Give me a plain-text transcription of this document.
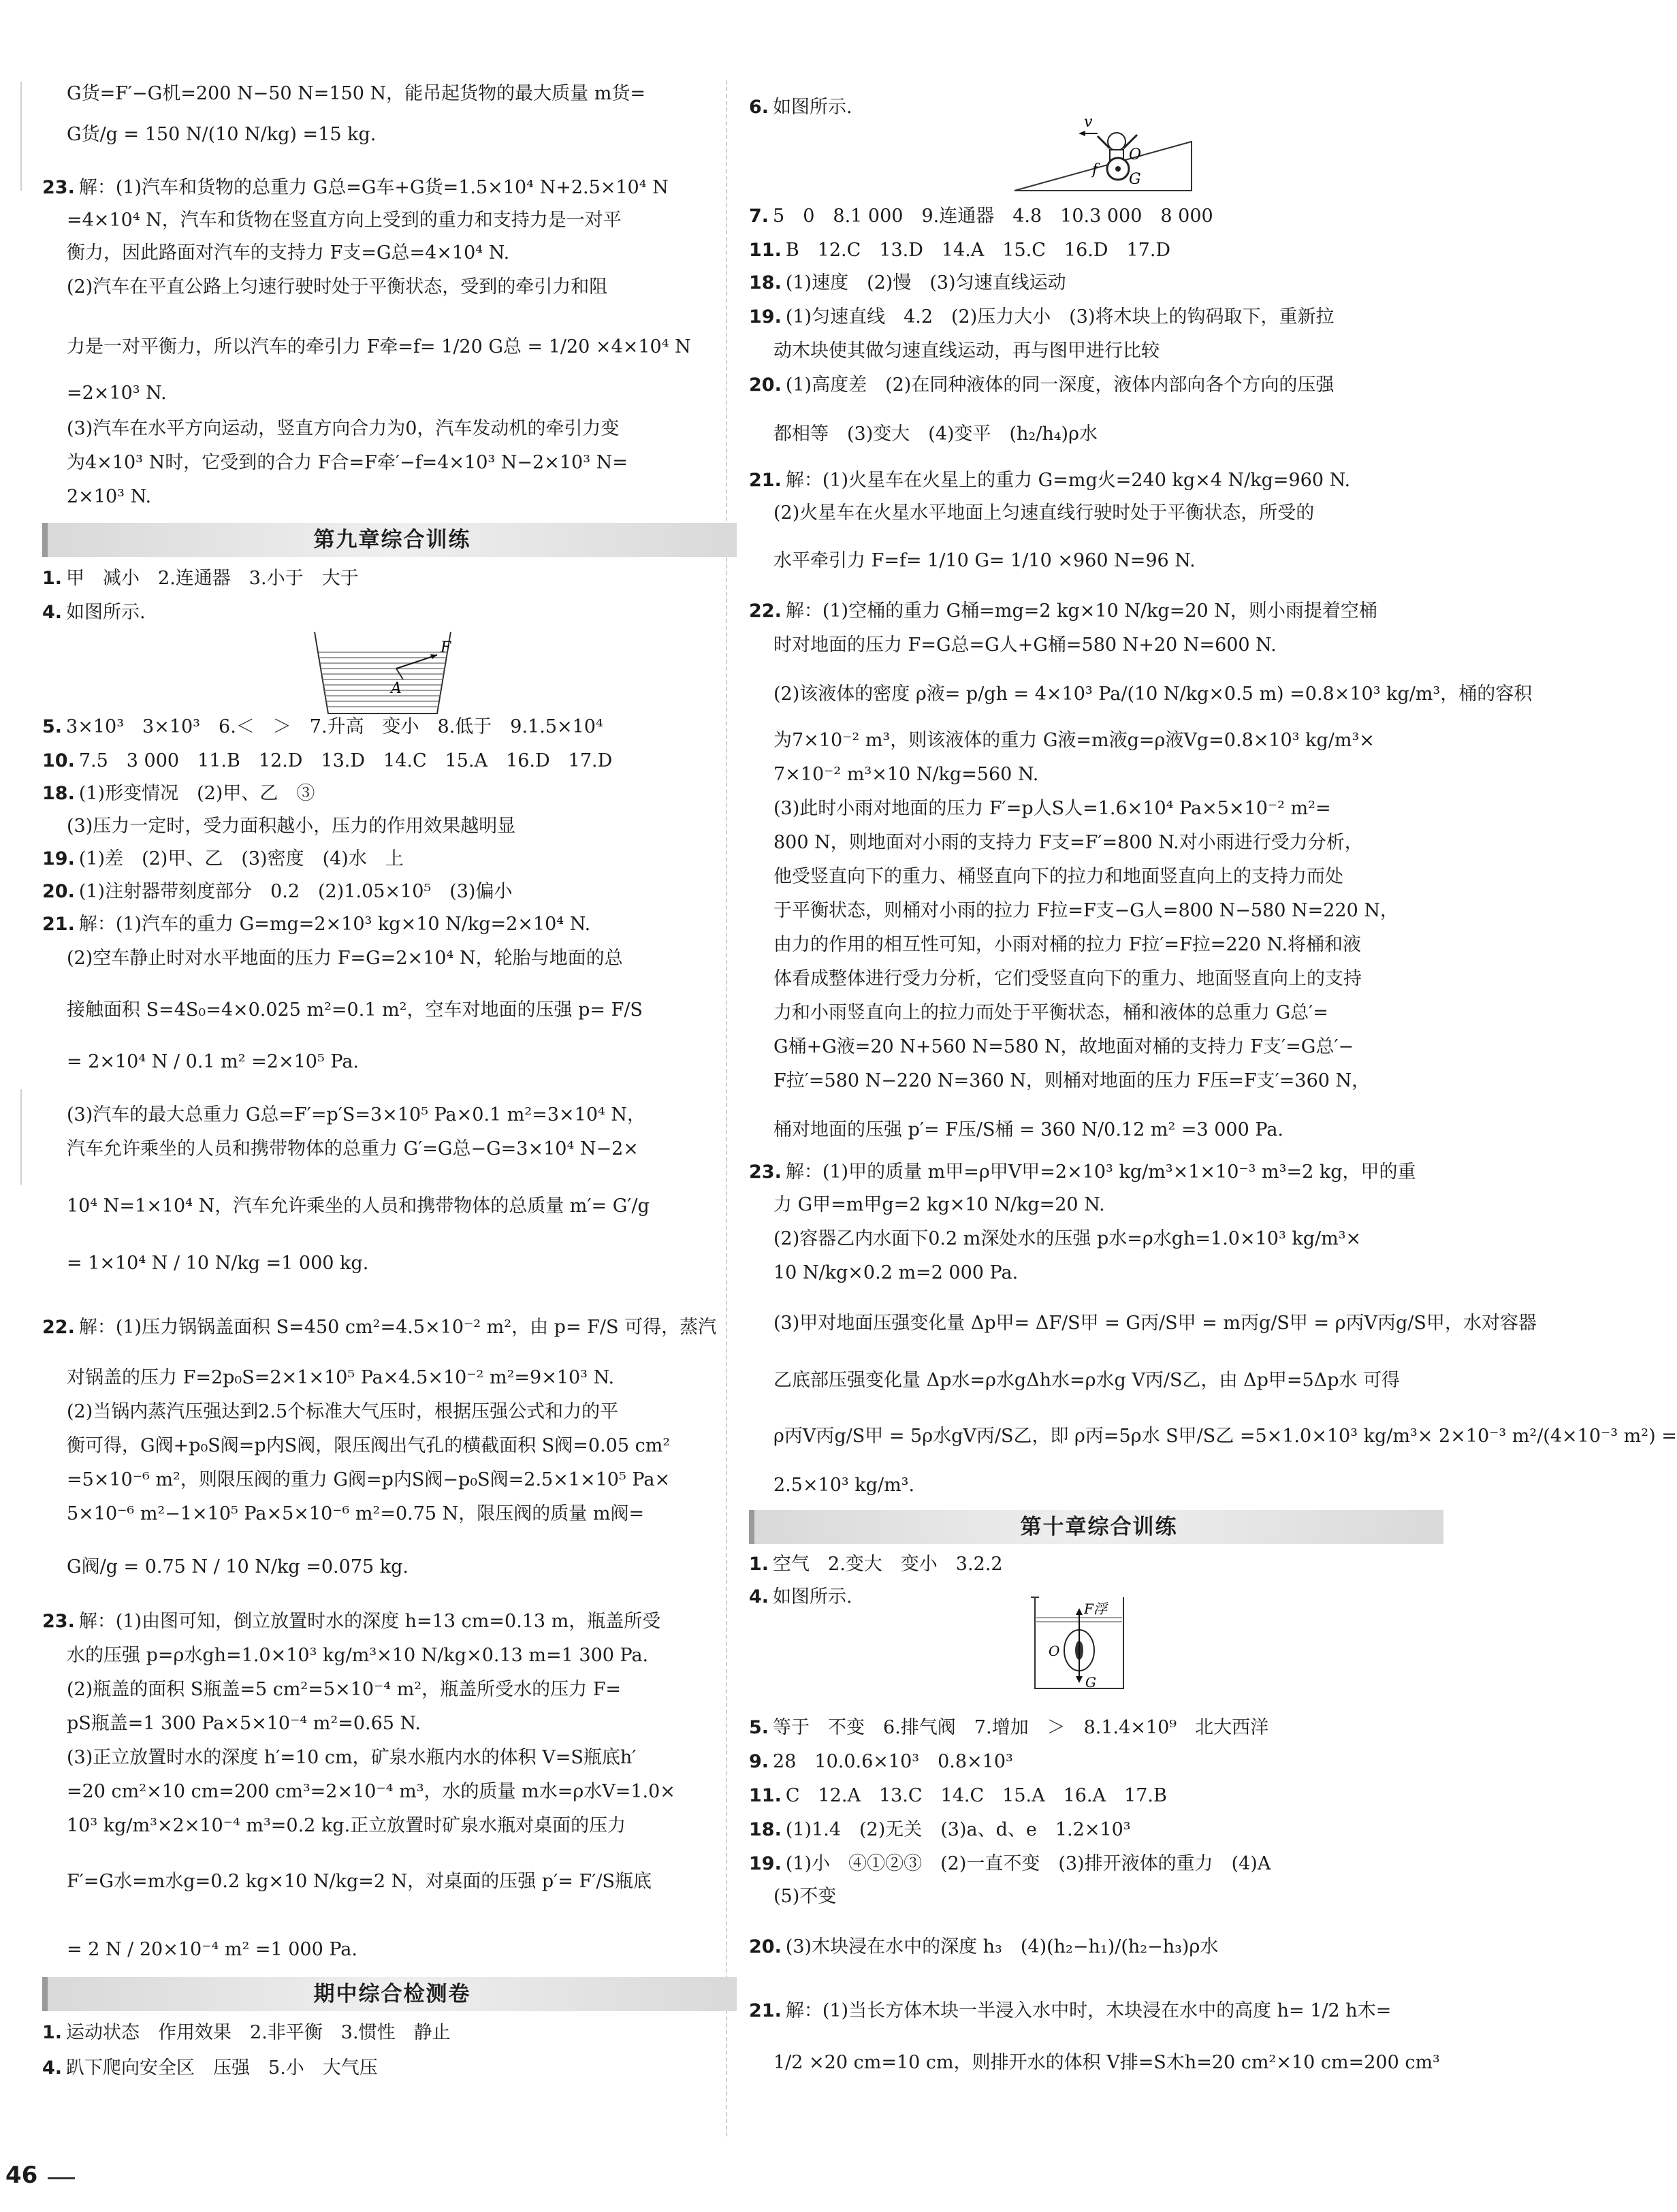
G货=F′−G机=200 N−50 N=150 N，能吊起货物的最大质量 m货=
G货/g = 150 N/(10 N/kg) =15 kg.
23. 解：(1)汽车和货物的总重力 G总=G车+G货=1.5×10⁴ N+2.5×10⁴ N
=4×10⁴ N，汽车和货物在竖直方向上受到的重力和支持力是一对平
衡力，因此路面对汽车的支持力 F支=G总=4×10⁴ N.
(2)汽车在平直公路上匀速行驶时处于平衡状态，受到的牵引力和阻
力是一对平衡力，所以汽车的牵引力 F牵=f= 1/20 G总 = 1/20 ×4×10⁴ N
=2×10³ N.
(3)汽车在水平方向运动，竖直方向合力为0，汽车发动机的牵引力变
为4×10³ N时，它受到的合力 F合=F牵′−f=4×10³ N−2×10³ N=
2×10³ N.
第九章综合训练
1. 甲　减小　2.连通器　3.小于　大于
4. 如图所示.
F
A
5. 3×10³　3×10³　6.＜　＞　7.升高　变小　8.低于　9.1.5×10⁴
10. 7.5　3 000　11.B　12.D　13.D　14.C　15.A　16.D　17.D
18. (1)形变情况　(2)甲、乙　③
(3)压力一定时，受力面积越小，压力的作用效果越明显
19. (1)差　(2)甲、乙　(3)密度　(4)水　上
20. (1)注射器带刻度部分　0.2　(2)1.05×10⁵　(3)偏小
21. 解：(1)汽车的重力 G=mg=2×10³ kg×10 N/kg=2×10⁴ N.
(2)空车静止时对水平地面的压力 F=G=2×10⁴ N，轮胎与地面的总
接触面积 S=4S₀=4×0.025 m²=0.1 m²，空车对地面的压强 p= F/S
= 2×10⁴ N / 0.1 m² =2×10⁵ Pa.
(3)汽车的最大总重力 G总=F′=p′S=3×10⁵ Pa×0.1 m²=3×10⁴ N，
汽车允许乘坐的人员和携带物体的总重力 G′=G总−G=3×10⁴ N−2×
10⁴ N=1×10⁴ N，汽车允许乘坐的人员和携带物体的总质量 m′= G′/g
= 1×10⁴ N / 10 N/kg =1 000 kg.
22. 解：(1)压力锅锅盖面积 S=450 cm²=4.5×10⁻² m²，由 p= F/S 可得，蒸汽
对锅盖的压力 F=2p₀S=2×1×10⁵ Pa×4.5×10⁻² m²=9×10³ N.
(2)当锅内蒸汽压强达到2.5个标准大气压时，根据压强公式和力的平
衡可得，G阀+p₀S阀=p内S阀，限压阀出气孔的横截面积 S阀=0.05 cm²
=5×10⁻⁶ m²，则限压阀的重力 G阀=p内S阀−p₀S阀=2.5×1×10⁵ Pa×
5×10⁻⁶ m²−1×10⁵ Pa×5×10⁻⁶ m²=0.75 N，限压阀的质量 m阀=
G阀/g = 0.75 N / 10 N/kg =0.075 kg.
23. 解：(1)由图可知，倒立放置时水的深度 h=13 cm=0.13 m，瓶盖所受
水的压强 p=ρ水gh=1.0×10³ kg/m³×10 N/kg×0.13 m=1 300 Pa.
(2)瓶盖的面积 S瓶盖=5 cm²=5×10⁻⁴ m²，瓶盖所受水的压力 F=
pS瓶盖=1 300 Pa×5×10⁻⁴ m²=0.65 N.
(3)正立放置时水的深度 h′=10 cm，矿泉水瓶内水的体积 V=S瓶底h′
=20 cm²×10 cm=200 cm³=2×10⁻⁴ m³，水的质量 m水=ρ水V=1.0×
10³ kg/m³×2×10⁻⁴ m³=0.2 kg.正立放置时矿泉水瓶对桌面的压力
F′=G水=m水g=0.2 kg×10 N/kg=2 N，对桌面的压强 p′= F′/S瓶底
= 2 N / 20×10⁻⁴ m² =1 000 Pa.
期中综合检测卷
1. 运动状态　作用效果　2.非平衡　3.惯性　静止
4. 趴下爬向安全区　压强　5.小　大气压
6. 如图所示.
v
O
f
G
7. 5　0　8.1 000　9.连通器　4.8　10.3 000　8 000
11. B　12.C　13.D　14.A　15.C　16.D　17.D
18. (1)速度　(2)慢　(3)匀速直线运动
19. (1)匀速直线　4.2　(2)压力大小　(3)将木块上的钩码取下，重新拉
动木块使其做匀速直线运动，再与图甲进行比较
20. (1)高度差　(2)在同种液体的同一深度，液体内部向各个方向的压强
都相等　(3)变大　(4)变平　(h₂/h₄)ρ水
21. 解：(1)火星车在火星上的重力 G=mg火=240 kg×4 N/kg=960 N.
(2)火星车在火星水平地面上匀速直线行驶时处于平衡状态，所受的
水平牵引力 F=f= 1/10 G= 1/10 ×960 N=96 N.
22. 解：(1)空桶的重力 G桶=mg=2 kg×10 N/kg=20 N，则小雨提着空桶
时对地面的压力 F=G总=G人+G桶=580 N+20 N=600 N.
(2)该液体的密度 ρ液= p/gh = 4×10³ Pa/(10 N/kg×0.5 m) =0.8×10³ kg/m³，桶的容积
为7×10⁻² m³，则该液体的重力 G液=m液g=ρ液Vg=0.8×10³ kg/m³×
7×10⁻² m³×10 N/kg=560 N.
(3)此时小雨对地面的压力 F′=p人S人=1.6×10⁴ Pa×5×10⁻² m²=
800 N，则地面对小雨的支持力 F支=F′=800 N.对小雨进行受力分析，
他受竖直向下的重力、桶竖直向下的拉力和地面竖直向上的支持力而处
于平衡状态，则桶对小雨的拉力 F拉=F支−G人=800 N−580 N=220 N，
由力的作用的相互性可知，小雨对桶的拉力 F拉′=F拉=220 N.将桶和液
体看成整体进行受力分析，它们受竖直向下的重力、地面竖直向上的支持
力和小雨竖直向上的拉力而处于平衡状态，桶和液体的总重力 G总′=
G桶+G液=20 N+560 N=580 N，故地面对桶的支持力 F支′=G总′−
F拉′=580 N−220 N=360 N，则桶对地面的压力 F压=F支′=360 N，
桶对地面的压强 p′= F压/S桶 = 360 N/0.12 m² =3 000 Pa.
23. 解：(1)甲的质量 m甲=ρ甲V甲=2×10³ kg/m³×1×10⁻³ m³=2 kg，甲的重
力 G甲=m甲g=2 kg×10 N/kg=20 N.
(2)容器乙内水面下0.2 m深处水的压强 p水=ρ水gh=1.0×10³ kg/m³×
10 N/kg×0.2 m=2 000 Pa.
(3)甲对地面压强变化量 Δp甲= ΔF/S甲 = G丙/S甲 = m丙g/S甲 = ρ丙V丙g/S甲，水对容器
乙底部压强变化量 Δp水=ρ水gΔh水=ρ水g V丙/S乙，由 Δp甲=5Δp水 可得
ρ丙V丙g/S甲 = 5ρ水gV丙/S乙，即 ρ丙=5ρ水 S甲/S乙 =5×1.0×10³ kg/m³× 2×10⁻³ m²/(4×10⁻³ m²) =
2.5×10³ kg/m³.
第十章综合训练
1. 空气　2.变大　变小　3.2.2
4. 如图所示.
F浮
O
G
5. 等于　不变　6.排气阀　7.增加　＞　8.1.4×10⁹　北大西洋
9. 28　10.0.6×10³　0.8×10³
11. C　12.A　13.C　14.C　15.A　16.A　17.B
18. (1)1.4　(2)无关　(3)a、d、e　1.2×10³
19. (1)小　④①②③　(2)一直不变　(3)排开液体的重力　(4)A
(5)不变
20. (3)木块浸在水中的深度 h₃　(4)(h₂−h₁)/(h₂−h₃)ρ水
21. 解：(1)当长方体木块一半浸入水中时，木块浸在水中的高度 h= 1/2 h木=
1/2 ×20 cm=10 cm，则排开水的体积 V排=S木h=20 cm²×10 cm=200 cm³
46
